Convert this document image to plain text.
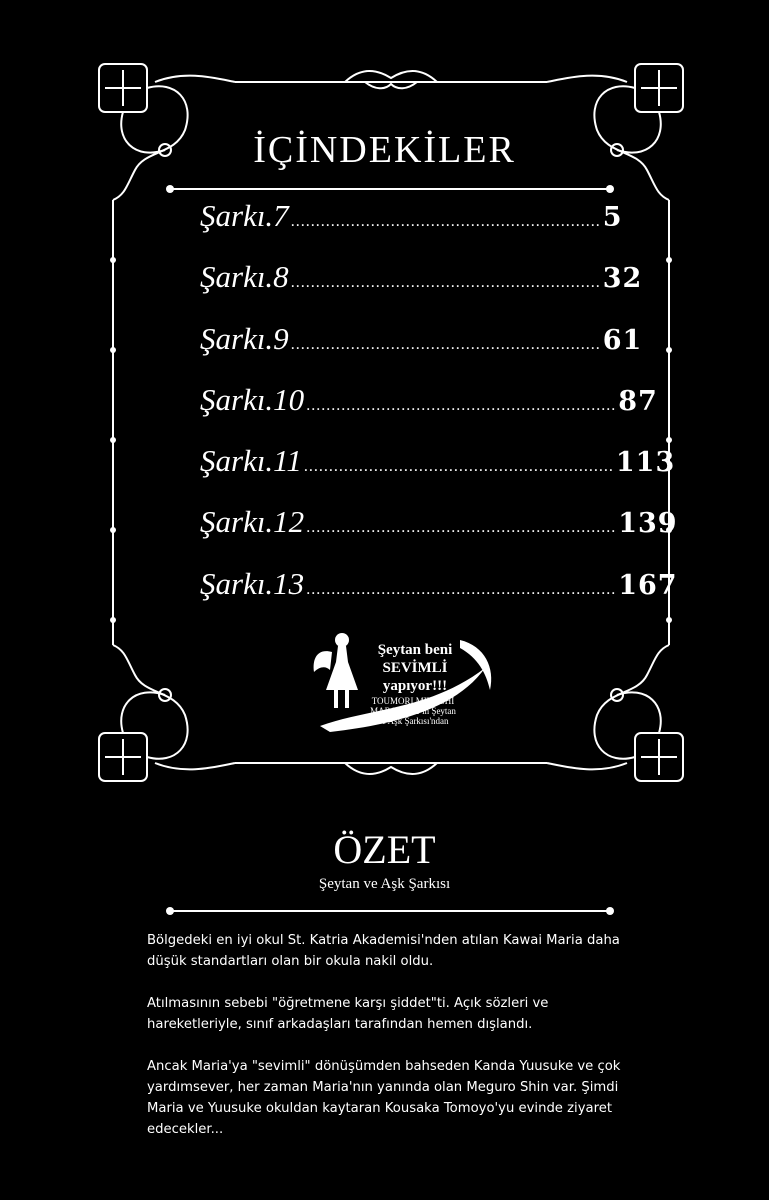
İÇİNDEKİLER
Şarkı.7 .............................................................. 5
Şarkı.8 .............................................................. 32
Şarkı.9 .............................................................. 61
Şarkı.10 .............................................................. 87
Şarkı.11 .............................................................. 113
Şarkı.12 .............................................................. 139
Şarkı.13 .............................................................. 167
Şeytan beni
SEVİMLİ
yapıyor!!!
TOUMORI MIYOSHI
MARGARET'ın Şeytan
ve Aşk Şarkısı'ndan
ÖZET
Şeytan ve Aşk Şarkısı

Bölgedeki en iyi okul St. Katria Akademisi'nden atılan Kawai Maria daha düşük standartları olan bir okula nakil oldu.

Atılmasının sebebi "öğretmene karşı şiddet"ti. Açık sözleri ve hareketleriyle, sınıf arkadaşları tarafından hemen dışlandı.

Ancak Maria'ya "sevimli" dönüşümden bahseden Kanda Yuusuke ve çok yardımsever, her zaman Maria'nın yanında olan Meguro Shin var. Şimdi Maria ve Yuusuke okuldan kaytaran Kousaka Tomoyo'yu evinde ziyaret edecekler...
